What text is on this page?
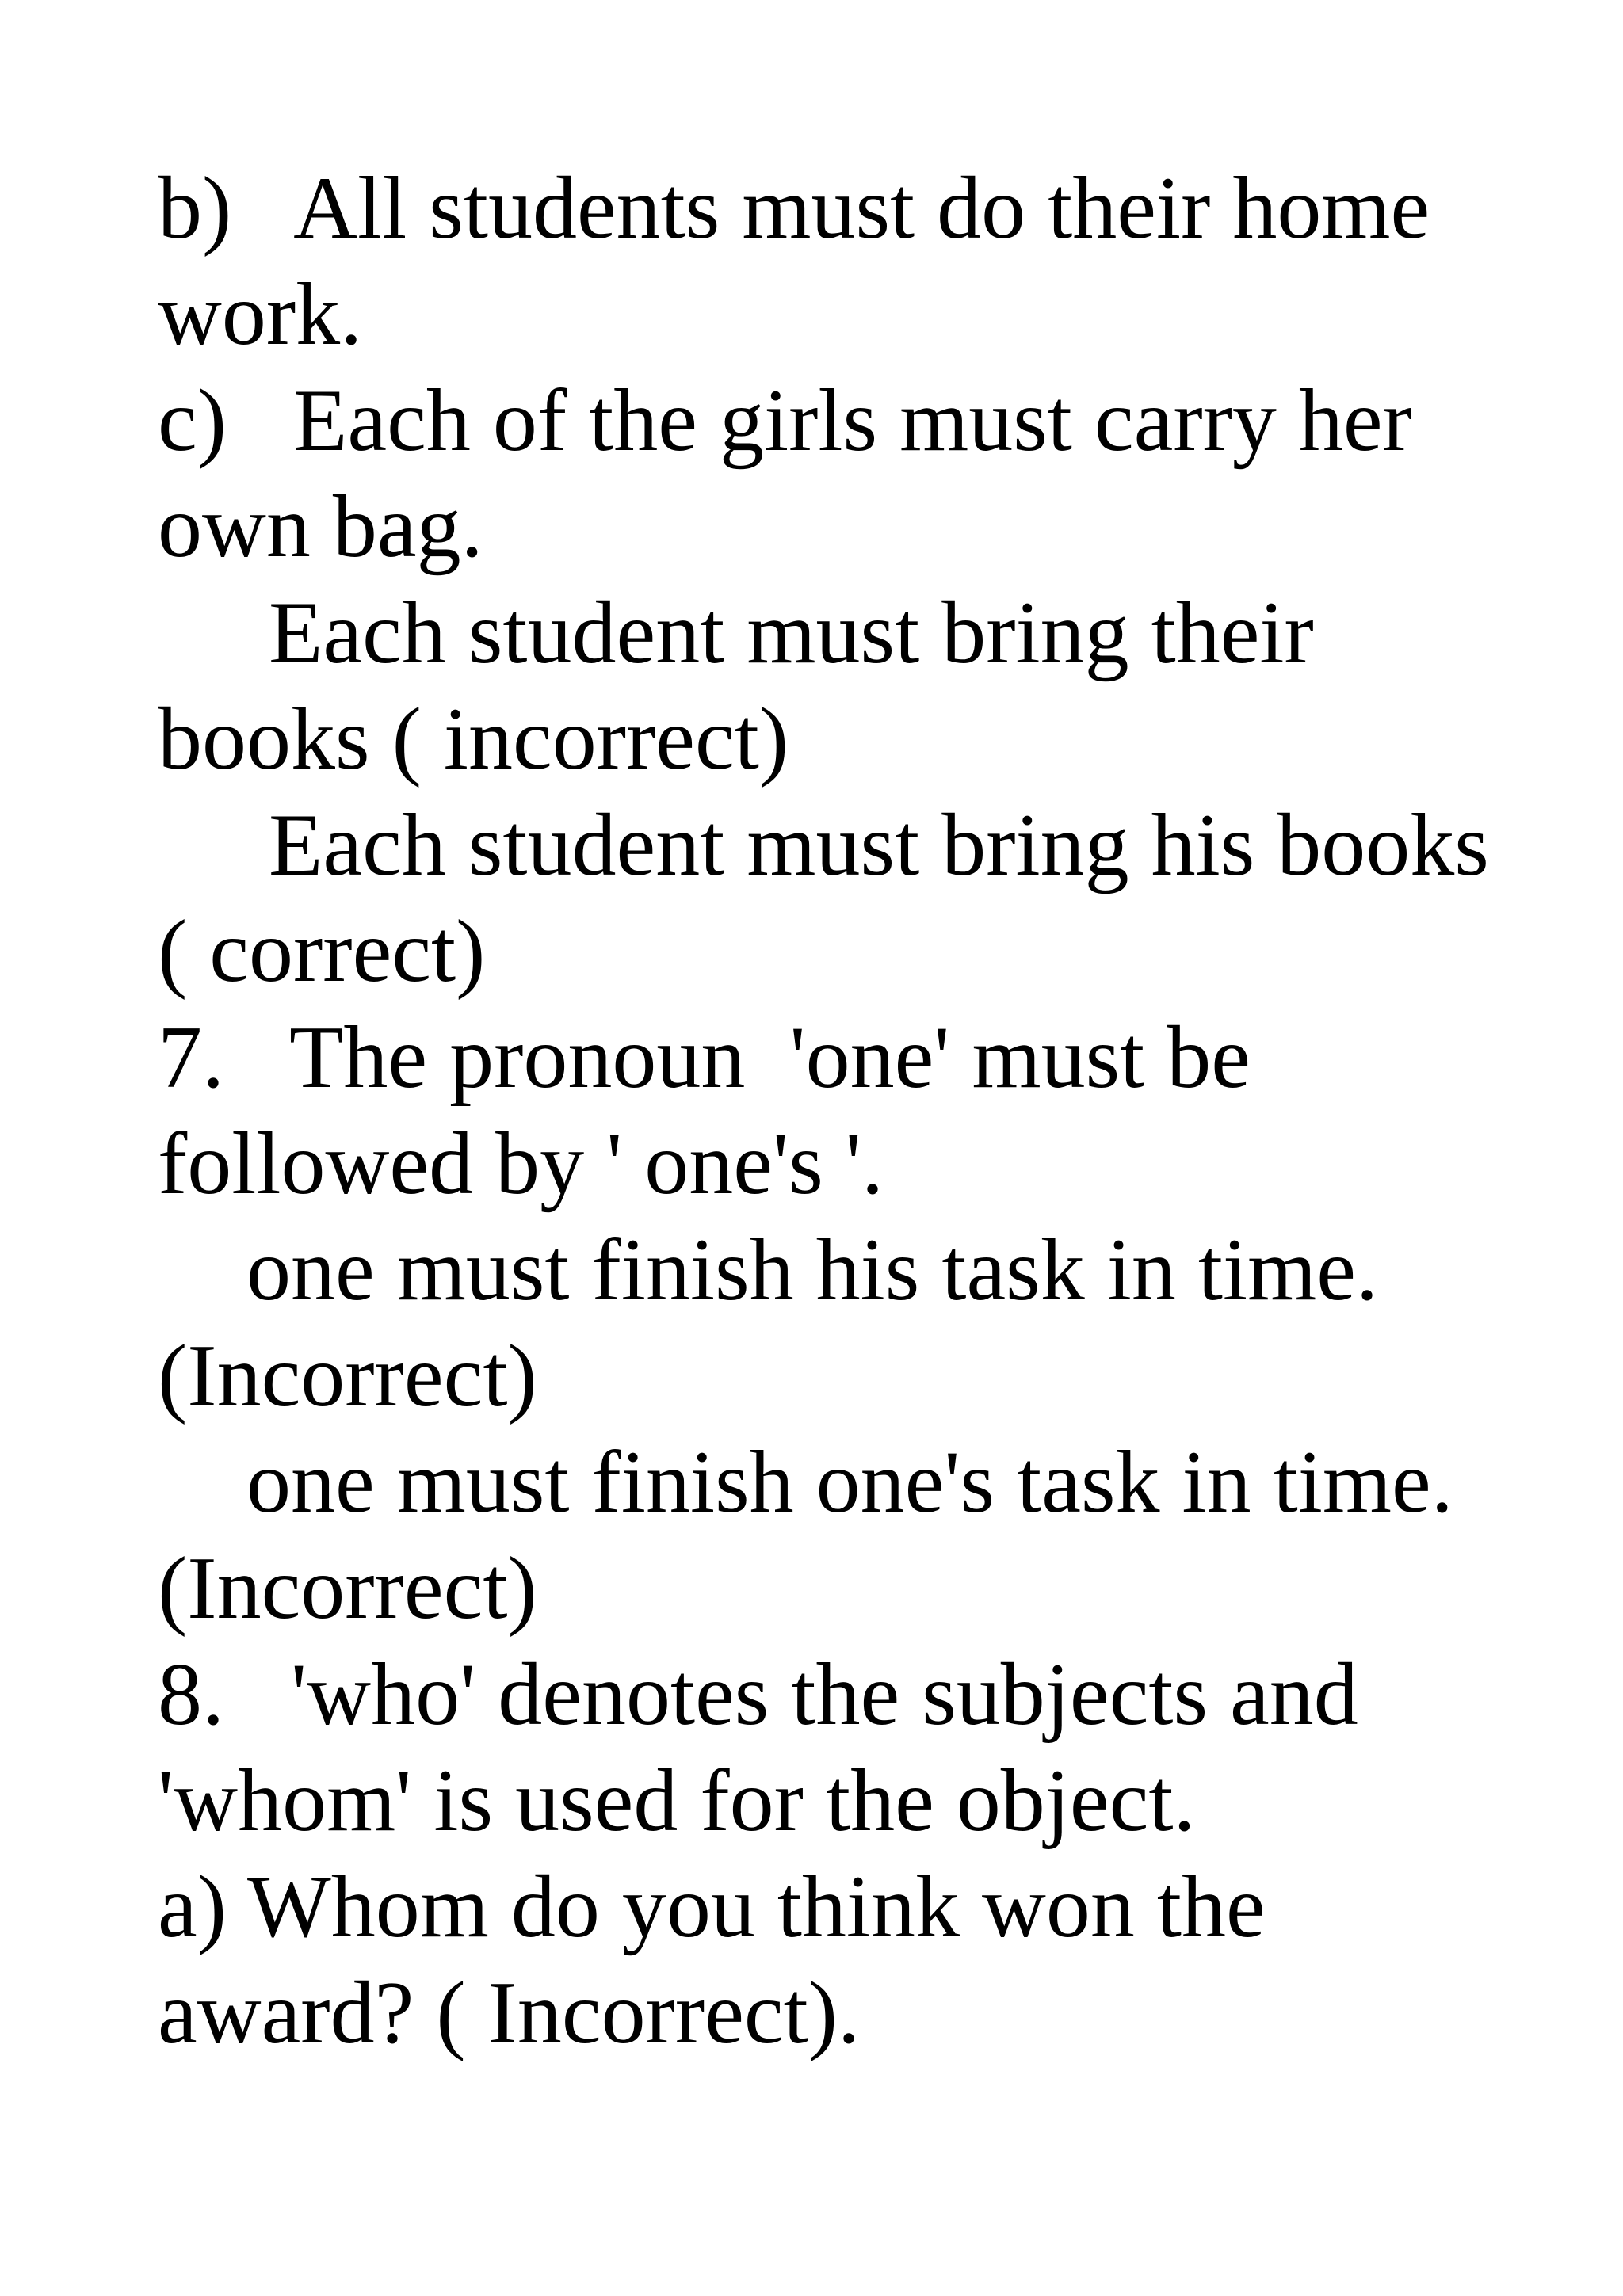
b)   All students must do their home
work.
c)   Each of the girls must carry her
own bag.
Each student must bring their
books ( incorrect)
Each student must bring his books
( correct)
7.   The pronoun  'one' must be
followed by ' one's '.
one must finish his task in time.
(Incorrect)
one must finish one's task in time.
(Incorrect)
8.   'who' denotes the subjects and
'whom' is used for the object.
a) Whom do you think won the
award? ( Incorrect).
